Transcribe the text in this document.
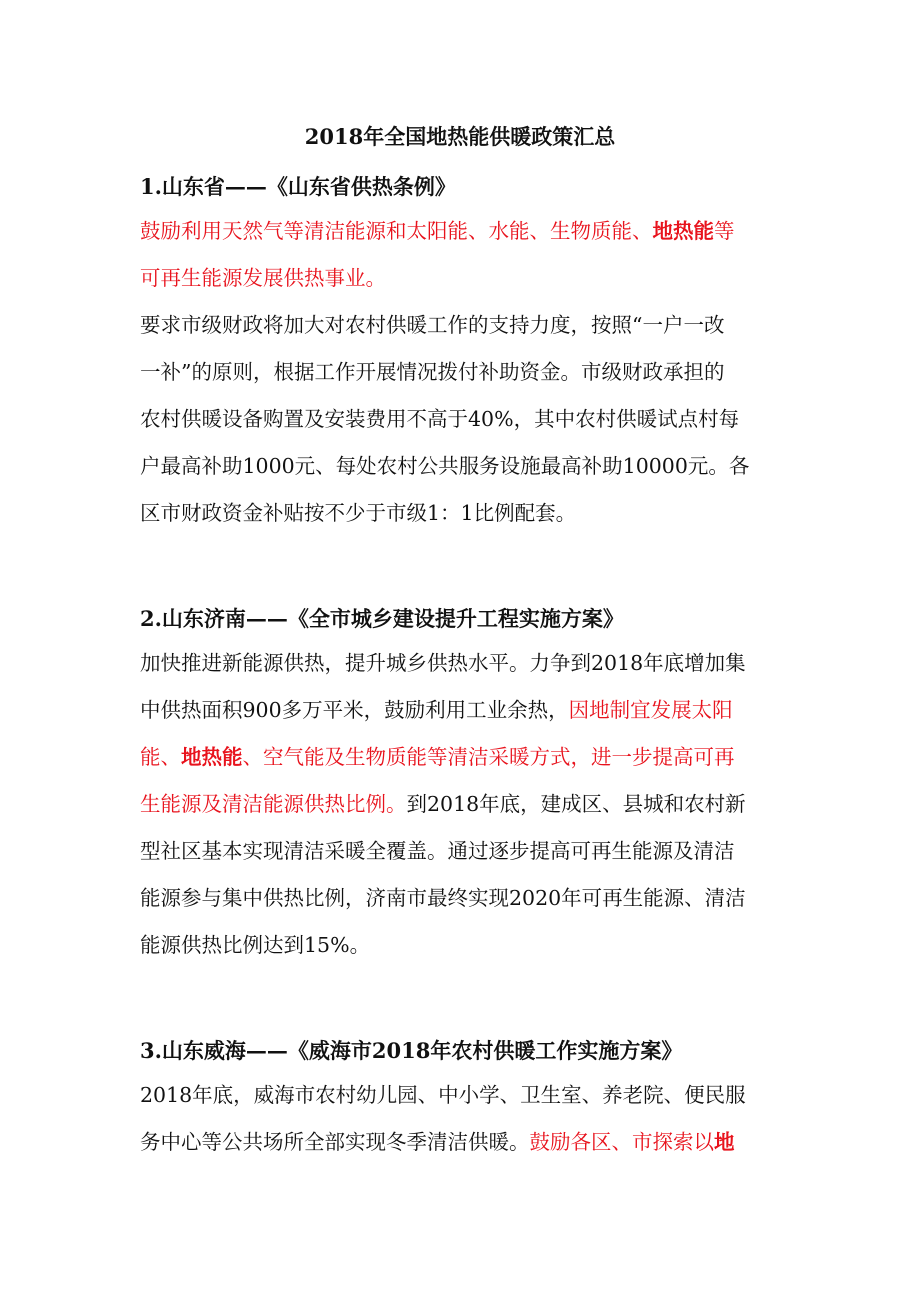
2018年全国地热能供暖政策汇总
1.山东省——《山东省供热条例》
鼓励利用天然气等清洁能源和太阳能、水能、生物质能、地热能等
可再生能源发展供热事业。
要求市级财政将加大对农村供暖工作的支持力度，按照“一户一改
一补”的原则，根据工作开展情况拨付补助资金。市级财政承担的
农村供暖设备购置及安装费用不高于40%，其中农村供暖试点村每
户最高补助1000元、每处农村公共服务设施最高补助10000元。各
区市财政资金补贴按不少于市级1：1比例配套。
2.山东济南——《全市城乡建设提升工程实施方案》
加快推进新能源供热，提升城乡供热水平。力争到2018年底增加集
中供热面积900多万平米，鼓励利用工业余热，因地制宜发展太阳
能、地热能、空气能及生物质能等清洁采暖方式，进一步提高可再
生能源及清洁能源供热比例。到2018年底，建成区、县城和农村新
型社区基本实现清洁采暖全覆盖。通过逐步提高可再生能源及清洁
能源参与集中供热比例，济南市最终实现2020年可再生能源、清洁
能源供热比例达到15%。
3.山东威海——《威海市2018年农村供暖工作实施方案》
2018年底，威海市农村幼儿园、中小学、卫生室、养老院、便民服
务中心等公共场所全部实现冬季清洁供暖。鼓励各区、市探索以地
